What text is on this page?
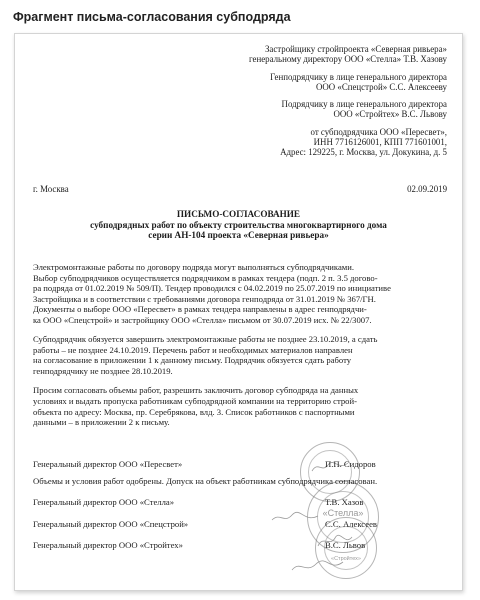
Фрагмент письма-согласования субподряда
Застройщику стройпроекта «Северная ривьера»
генеральному директору ООО «Стелла» Т.В. Хазову
Генподрядчику в лице генерального директора
ООО «Спецстрой» С.С. Алексееву
Подрядчику в лице генерального директора
ООО «Стройтех» В.С. Львову
от субподрядчика ООО «Пересвет»,
ИНН 7716126001, КПП 771601001,
Адрес: 129225, г. Москва, ул. Докукина, д. 5
г. Москва	02.09.2019
ПИСЬМО-СОГЛАСОВАНИЕ
субподрядных работ по объекту строительства многоквартирного дома
серии АН-104 проекта «Северная ривьера»
Электромонтажные работы по договору подряда могут выполняться субподрядчиками.
Выбор субподрядчиков осуществляется подрядчиком в рамках тендера (подп. 2 п. 3.5 догово-
ра подряда от 01.02.2019 № 509/П). Тендер проводился с 04.02.2019 по 25.07.2019 по инициативе
Застройщика и в соответствии с требованиями договора генподряда от 31.01.2019 № 367/ГН.
Документы о выборе ООО «Пересвет» в рамках тендера направлены в адрес генподрядчи-
ка ООО «Спецстрой» и застройщику ООО «Стелла» письмом от 30.07.2019 исх. № 22/3007.
Субподрядчик обязуется завершить электромонтажные работы не позднее 23.10.2019, а сдать
работы – не позднее 24.10.2019. Перечень работ и необходимых материалов направлен
на согласование в приложении 1 к данному письму. Подрядчик обязуется сдать работу
генподрядчику не позднее 28.10.2019.
Просим согласовать объемы работ, разрешить заключить договор субподряда на данных
условиях и выдать пропуска работникам субподрядной компании на территорию строй-
объекта по адресу: Москва, пр. Серебрякова, влд. 3. Список работников с паспортными
данными – в приложении 2 к письму.
«Стелла»
«Стройтех»
Генеральный директор ООО «Пересвет»	П.П. Сидоров
Объемы и условия работ одобрены. Допуск на объект работникам субподрядчика согласован.
Генеральный директор ООО «Стелла»	Т.В. Хазов
Генеральный директор ООО «Спецстрой»	С.С. Алексеев
Генеральный директор ООО «Стройтех»	В.С. Львов
